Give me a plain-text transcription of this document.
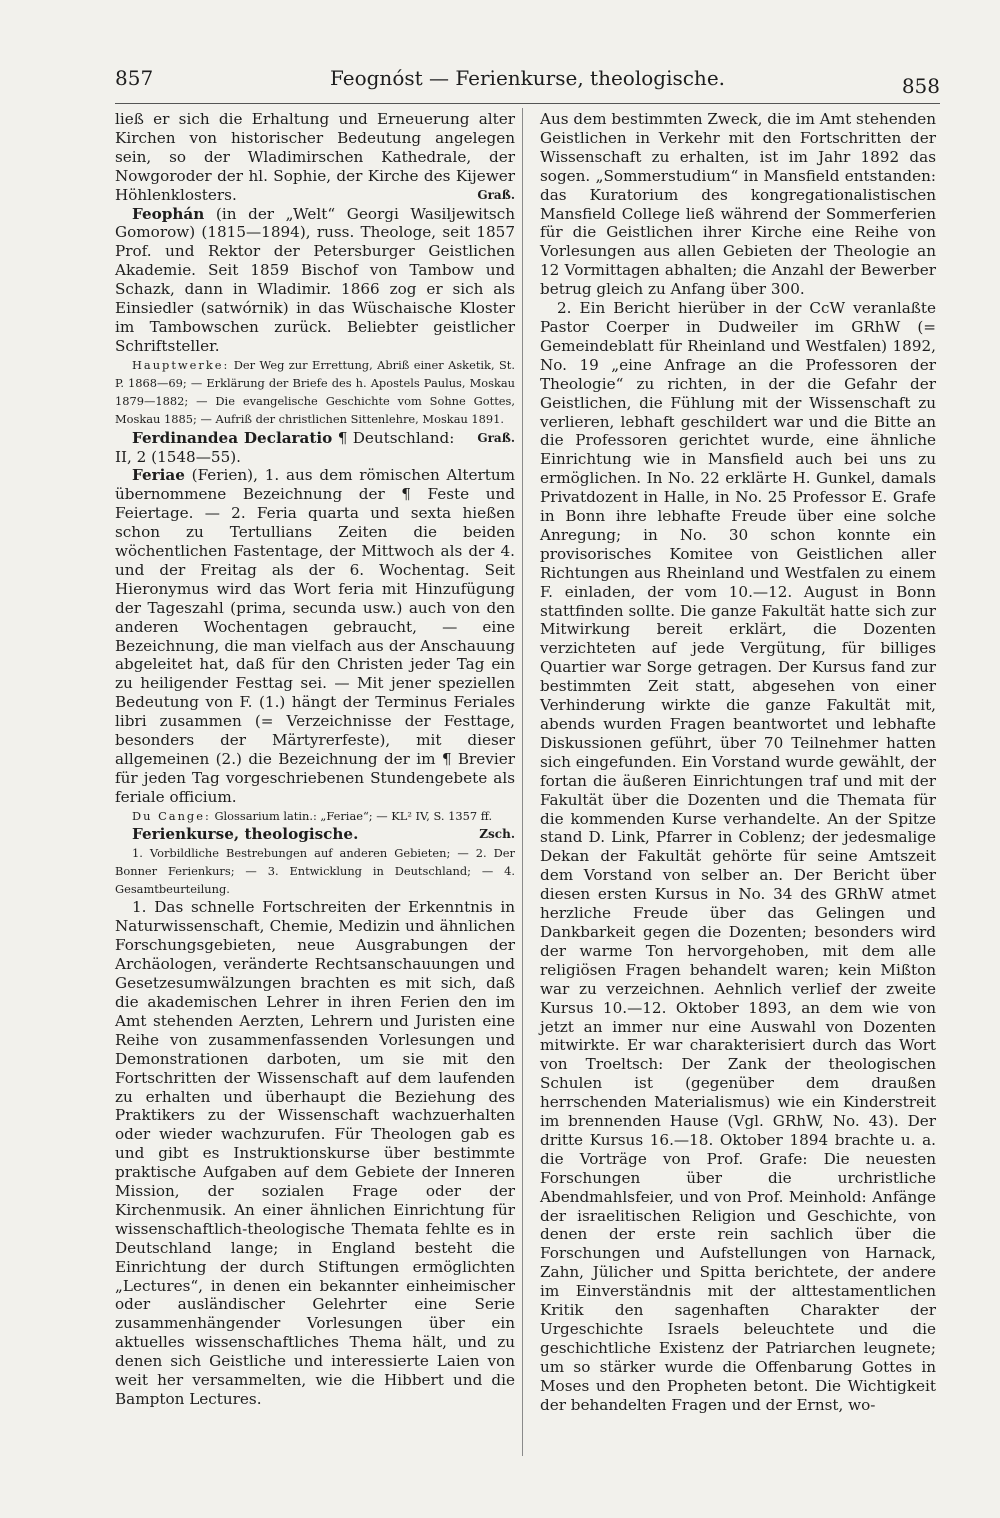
857	Feognóst — Ferienkurse, theologische.	858

ließ er sich die Erhaltung und Erneuerung alter Kirchen von historischer Bedeutung angelegen sein, so der Wladimirschen Kathedrale, der Nowgoroder der hl. Sophie, der Kirche des Kijewer Höhlenklosters.	Graß.

Feophán (in der „Welt“ Georgi Wasiljewitsch Gomorow) (1815—1894), russ. Theologe, seit 1857 Prof. und Rektor der Petersburger Geistlichen Akademie. Seit 1859 Bischof von Tambow und Schazk, dann in Wladimir. 1866 zog er sich als Einsiedler (satwórnik) in das Wüschaische Kloster im Tambowschen zurück. Beliebter geistlicher Schriftsteller.

Hauptwerke: Der Weg zur Errettung, Abriß einer Asketik, St. P. 1868—69; — Erklärung der Briefe des h. Apostels Paulus, Moskau 1879—1882; — Die evangelische Geschichte vom Sohne Gottes, Moskau 1885; — Aufriß der christlichen Sittenlehre, Moskau 1891.
Graß.

Ferdinandea Declaratio ¶ Deutschland: II, 2 (1548—55).

Feriae (Ferien), 1. aus dem römischen Altertum übernommene Bezeichnung der ¶ Feste und Feiertage. — 2. Feria quarta und sexta hießen schon zu Tertullians Zeiten die beiden wöchentlichen Fastentage, der Mittwoch als der 4. und der Freitag als der 6. Wochentag. Seit Hieronymus wird das Wort feria mit Hinzufügung der Tageszahl (prima, secunda usw.) auch von den anderen Wochentagen gebraucht, — eine Bezeichnung, die man vielfach aus der Anschauung abgeleitet hat, daß für den Christen jeder Tag ein zu heiligender Festtag sei. — Mit jener speziellen Bedeutung von F. (1.) hängt der Terminus Feriales libri zusammen (= Verzeichnisse der Festtage, besonders der Märtyrerfeste), mit dieser allgemeinen (2.) die Bezeichnung der im ¶ Brevier für jeden Tag vorgeschriebenen Stundengebete als feriale officium.

Du Cange: Glossarium latin.: „Feriae“; — KL² IV, S. 1357 ff.
Zsch.

Ferienkurse, theologische.

1. Vorbildliche Bestrebungen auf anderen Gebieten; — 2. Der Bonner Ferienkurs; — 3. Entwicklung in Deutschland; — 4. Gesamtbeurteilung.

1. Das schnelle Fortschreiten der Erkenntnis in Naturwissenschaft, Chemie, Medizin und ähnlichen Forschungsgebieten, neue Ausgrabungen der Archäologen, veränderte Rechtsanschauungen und Gesetzesumwälzungen brachten es mit sich, daß die akademischen Lehrer in ihren Ferien den im Amt stehenden Aerzten, Lehrern und Juristen eine Reihe von zusammenfassenden Vorlesungen und Demonstrationen darboten, um sie mit den Fortschritten der Wissenschaft auf dem laufenden zu erhalten und überhaupt die Beziehung des Praktikers zu der Wissenschaft wachzuerhalten oder wieder wachzurufen. Für Theologen gab es und gibt es Instruktionskurse über bestimmte praktische Aufgaben auf dem Gebiete der Inneren Mission, der sozialen Frage oder der Kirchenmusik. An einer ähnlichen Einrichtung für wissenschaftlich-theologische Themata fehlte es in Deutschland lange; in England besteht die Einrichtung der durch Stiftungen ermöglichten „Lectures“, in denen ein bekannter einheimischer oder ausländischer Gelehrter eine Serie zusammenhängender Vorlesungen über ein aktuelles wissenschaftliches Thema hält, und zu denen sich Geistliche und interessierte Laien von weit her versammelten, wie die Hibbert und die Bampton Lectures.

Aus dem bestimmten Zweck, die im Amt stehenden Geistlichen in Verkehr mit den Fortschritten der Wissenschaft zu erhalten, ist im Jahr 1892 das sogen. „Sommerstudium“ in Mansfield entstanden: das Kuratorium des kongregationalistischen Mansfield College ließ während der Sommerferien für die Geistlichen ihrer Kirche eine Reihe von Vorlesungen aus allen Gebieten der Theologie an 12 Vormittagen abhalten; die Anzahl der Bewerber betrug gleich zu Anfang über 300.

2. Ein Bericht hierüber in der CcW veranlaßte Pastor Coerper in Dudweiler im GRhW (= Gemeindeblatt für Rheinland und Westfalen) 1892, No. 19 „eine Anfrage an die Professoren der Theologie“ zu richten, in der die Gefahr der Geistlichen, die Fühlung mit der Wissenschaft zu verlieren, lebhaft geschildert war und die Bitte an die Professoren gerichtet wurde, eine ähnliche Einrichtung wie in Mansfield auch bei uns zu ermöglichen. In No. 22 erklärte H. Gunkel, damals Privatdozent in Halle, in No. 25 Professor E. Grafe in Bonn ihre lebhafte Freude über eine solche Anregung; in No. 30 schon konnte ein provisorisches Komitee von Geistlichen aller Richtungen aus Rheinland und Westfalen zu einem F. einladen, der vom 10.—12. August in Bonn stattfinden sollte. Die ganze Fakultät hatte sich zur Mitwirkung bereit erklärt, die Dozenten verzichteten auf jede Vergütung, für billiges Quartier war Sorge getragen. Der Kursus fand zur bestimmten Zeit statt, abgesehen von einer Verhinderung wirkte die ganze Fakultät mit, abends wurden Fragen beantwortet und lebhafte Diskussionen geführt, über 70 Teilnehmer hatten sich eingefunden. Ein Vorstand wurde gewählt, der fortan die äußeren Einrichtungen traf und mit der Fakultät über die Dozenten und die Themata für die kommenden Kurse verhandelte. An der Spitze stand D. Link, Pfarrer in Coblenz; der jedesmalige Dekan der Fakultät gehörte für seine Amtszeit dem Vorstand von selber an. Der Bericht über diesen ersten Kursus in No. 34 des GRhW atmet herzliche Freude über das Gelingen und Dankbarkeit gegen die Dozenten; besonders wird der warme Ton hervorgehoben, mit dem alle religiösen Fragen behandelt waren; kein Mißton war zu verzeichnen. Aehnlich verlief der zweite Kursus 10.—12. Oktober 1893, an dem wie von jetzt an immer nur eine Auswahl von Dozenten mitwirkte. Er war charakterisiert durch das Wort von Troeltsch: Der Zank der theologischen Schulen ist (gegenüber dem draußen herrschenden Materialismus) wie ein Kinderstreit im brennenden Hause (Vgl. GRhW, No. 43). Der dritte Kursus 16.—18. Oktober 1894 brachte u. a. die Vorträge von Prof. Grafe: Die neuesten Forschungen über die urchristliche Abendmahlsfeier, und von Prof. Meinhold: Anfänge der israelitischen Religion und Geschichte, von denen der erste rein sachlich über die Forschungen und Aufstellungen von Harnack, Zahn, Jülicher und Spitta berichtete, der andere im Einverständnis mit der alttestamentlichen Kritik den sagenhaften Charakter der Urgeschichte Israels beleuchtete und die geschichtliche Existenz der Patriarchen leugnete; um so stärker wurde die Offenbarung Gottes in Moses und den Propheten betont. Die Wichtigkeit der behandelten Fragen und der Ernst, wo-
